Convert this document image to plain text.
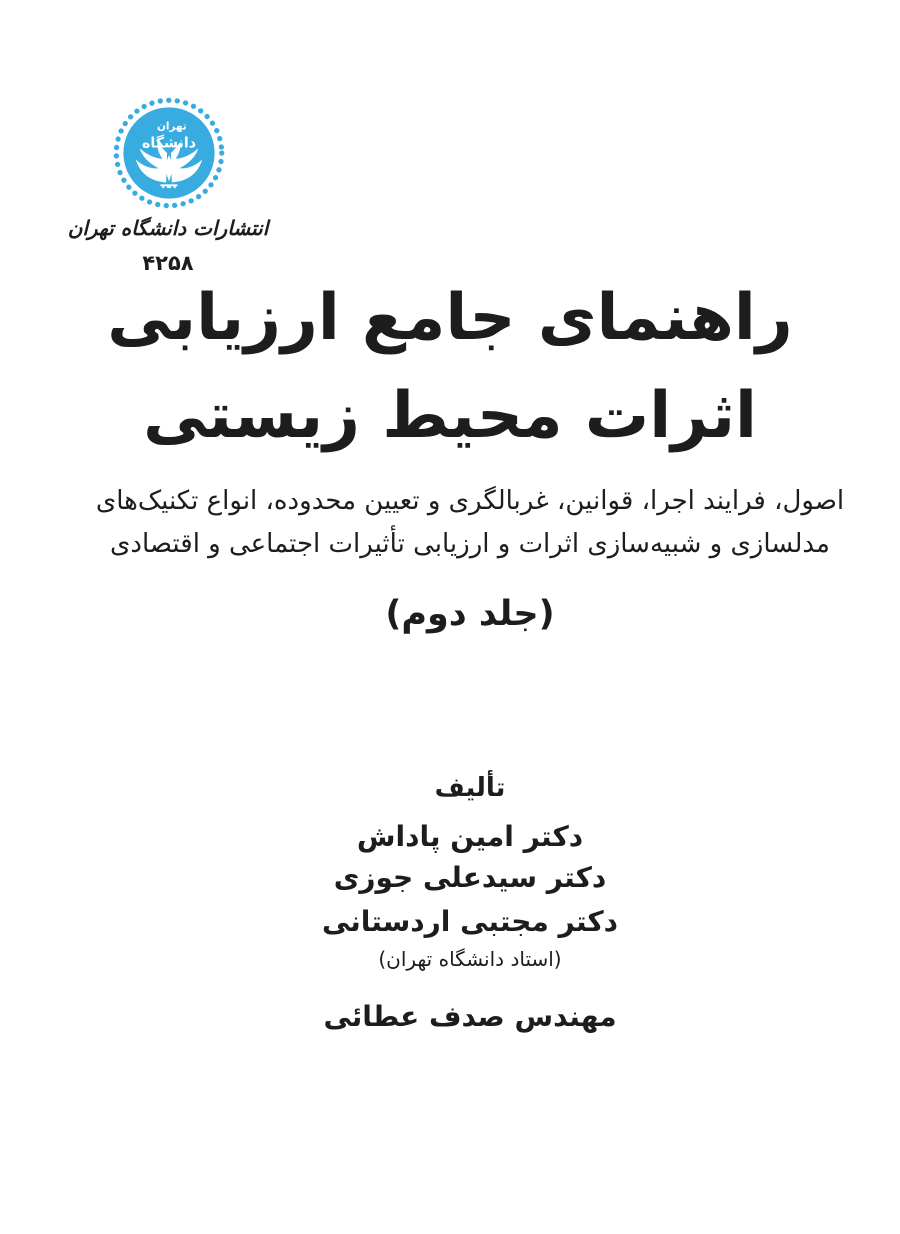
تهران
دانشگاه
انتشارات دانشگاه تهران
۴۲۵۸
راهنمای جامع ارزیابی
اثرات محیط زیستی
اصول، فرایند اجرا، قوانین، غربالگری و تعیین محدوده، انواع تکنیک‌های
مدلسازی و شبیه‌سازی اثرات و ارزیابی تأثیرات اجتماعی و اقتصادی
(جلد دوم)
تألیف
دکتر امین پاداش
دکتر سیدعلی جوزی
دکتر مجتبی اردستانی
(استاد دانشگاه تهران)
مهندس صدف عطائی
